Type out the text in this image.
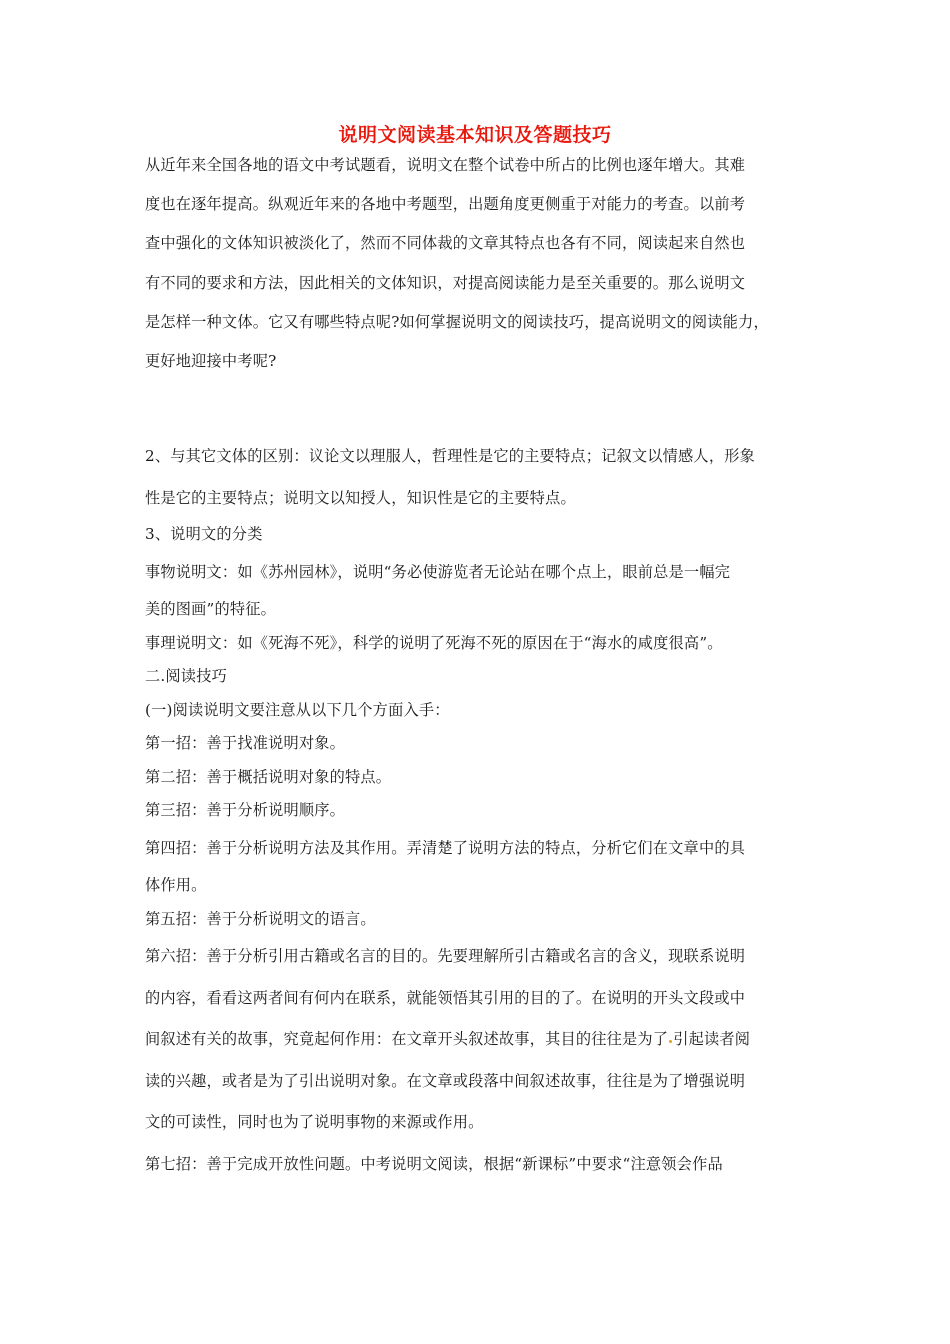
说明文阅读基本知识及答题技巧
从近年来全国各地的语文中考试题看，说明文在整个试卷中所占的比例也逐年增大。其难
度也在逐年提高。纵观近年来的各地中考题型，出题角度更侧重于对能力的考查。以前考
查中强化的文体知识被淡化了，然而不同体裁的文章其特点也各有不同，阅读起来自然也
有不同的要求和方法，因此相关的文体知识，对提高阅读能力是至关重要的。那么说明文
是怎样一种文体。它又有哪些特点呢?如何掌握说明文的阅读技巧，提高说明文的阅读能力，
更好地迎接中考呢?
2、与其它文体的区别：议论文以理服人，哲理性是它的主要特点；记叙文以情感人，形象
性是它的主要特点；说明文以知授人，知识性是它的主要特点。
3、说明文的分类
事物说明文：如《苏州园林》，说明“务必使游览者无论站在哪个点上，眼前总是一幅完
美的图画”的特征。
事理说明文：如《死海不死》，科学的说明了死海不死的原因在于“海水的咸度很高”。
二.阅读技巧
(一)阅读说明文要注意从以下几个方面入手：
第一招：善于找准说明对象。
第二招：善于概括说明对象的特点。
第三招：善于分析说明顺序。
第四招：善于分析说明方法及其作用。弄清楚了说明方法的特点，分析它们在文章中的具
体作用。
第五招：善于分析说明文的语言。
第六招：善于分析引用古籍或名言的目的。先要理解所引古籍或名言的含义，现联系说明
的内容，看看这两者间有何内在联系，就能领悟其引用的目的了。在说明的开头文段或中
间叙述有关的故事，究竟起何作用：在文章开头叙述故事，其目的往往是为了 引起读者阅
读的兴趣，或者是为了引出说明对象。在文章或段落中间叙述故事，往往是为了增强说明
文的可读性，同时也为了说明事物的来源或作用。
第七招：善于完成开放性问题。中考说明文阅读，根据“新课标”中要求“注意领会作品
